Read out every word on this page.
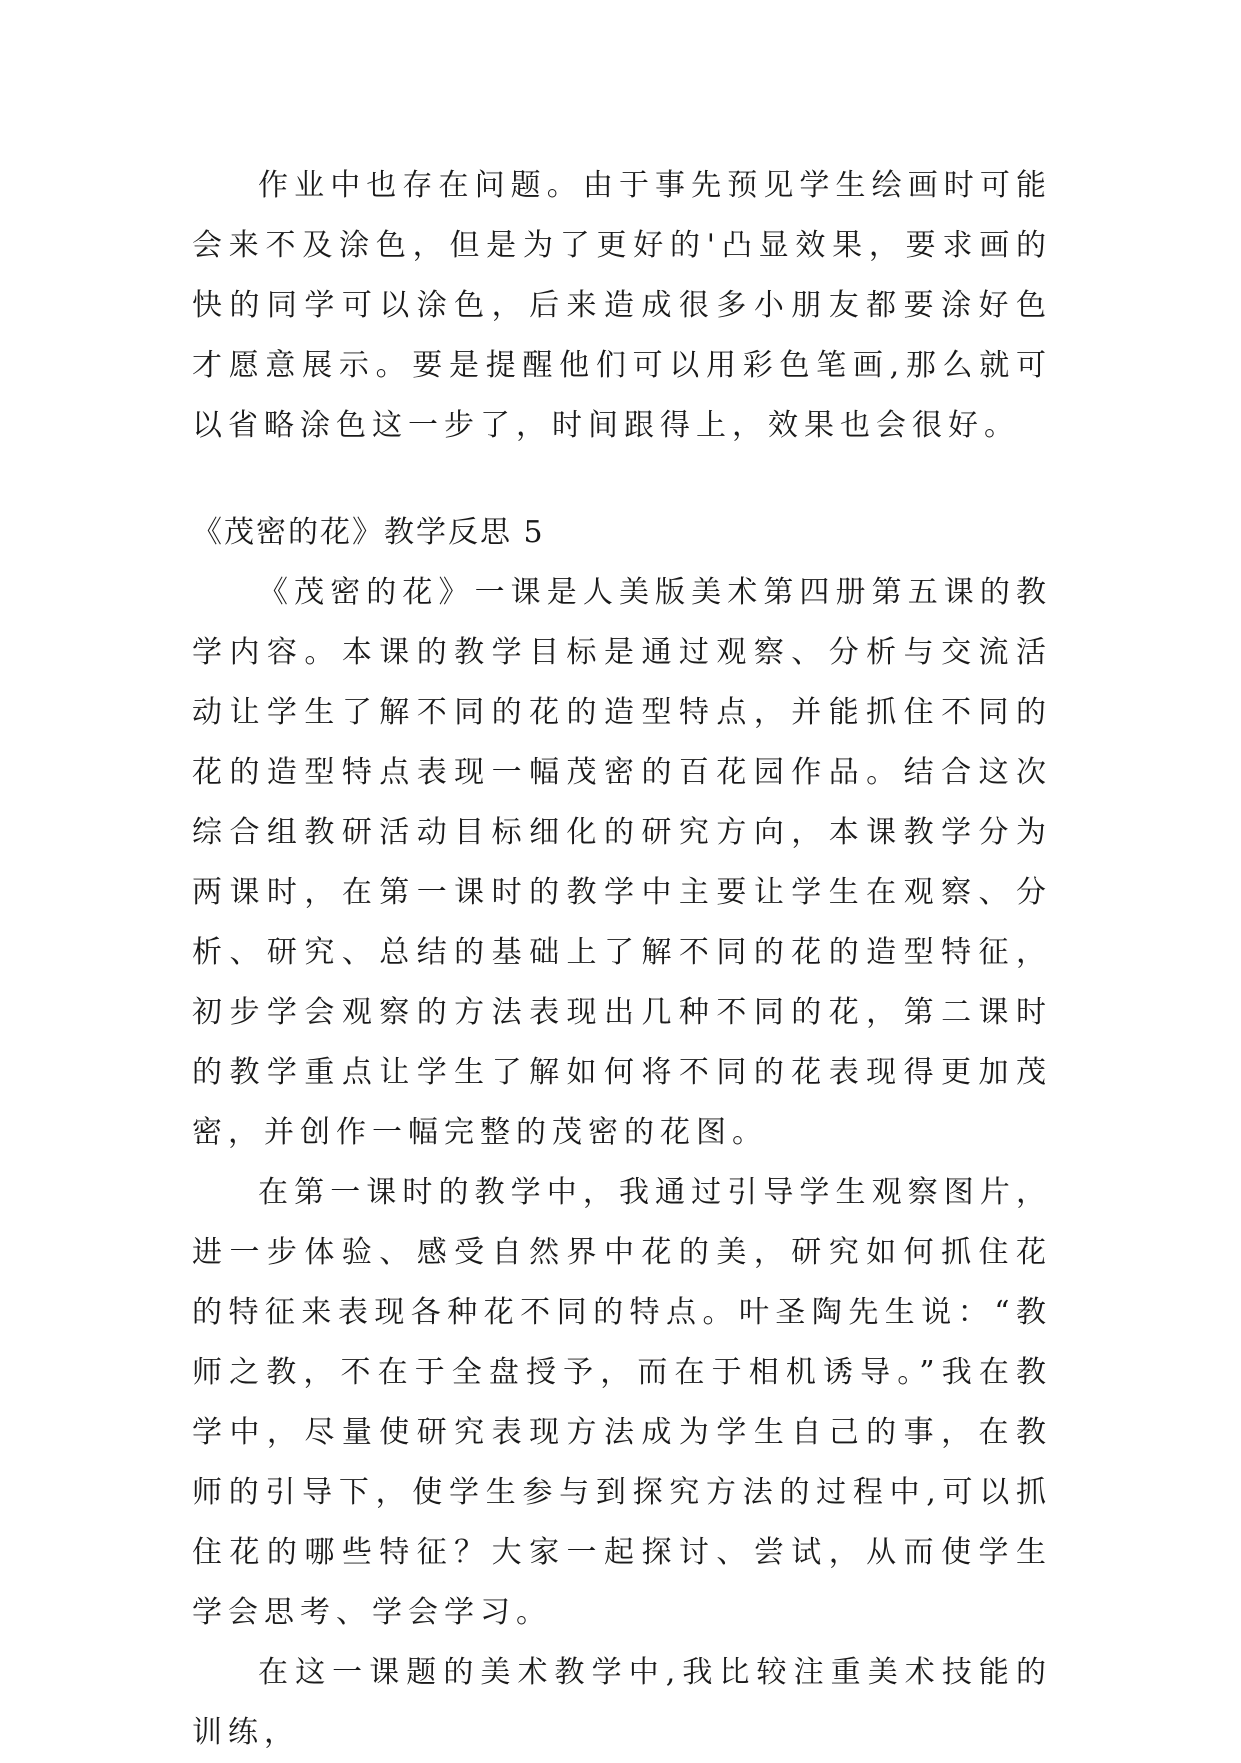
作业中也存在问题。由于事先预见学生绘画时可能会来不及涂色，但是为了更好的'凸显效果，要求画的快的同学可以涂色，后来造成很多小朋友都要涂好色才愿意展示。要是提醒他们可以用彩色笔画,那么就可以省略涂色这一步了，时间跟得上，效果也会很好。

《茂密的花》教学反思 5

《茂密的花》一课是人美版美术第四册第五课的教学内容。本课的教学目标是通过观察、分析与交流活动让学生了解不同的花的造型特点，并能抓住不同的花的造型特点表现一幅茂密的百花园作品。结合这次综合组教研活动目标细化的研究方向，本课教学分为两课时，在第一课时的教学中主要让学生在观察、分析、研究、总结的基础上了解不同的花的造型特征，初步学会观察的方法表现出几种不同的花，第二课时的教学重点让学生了解如何将不同的花表现得更加茂密，并创作一幅完整的茂密的花图。

在第一课时的教学中，我通过引导学生观察图片，进一步体验、感受自然界中花的美，研究如何抓住花的特征来表现各种花不同的特点。叶圣陶先生说：“教师之教，不在于全盘授予，而在于相机诱导。”我在教学中，尽量使研究表现方法成为学生自己的事，在教师的引导下，使学生参与到探究方法的过程中,可以抓住花的哪些特征？大家一起探讨、尝试，从而使学生学会思考、学会学习。

在这一课题的美术教学中,我比较注重美术技能的训练，
